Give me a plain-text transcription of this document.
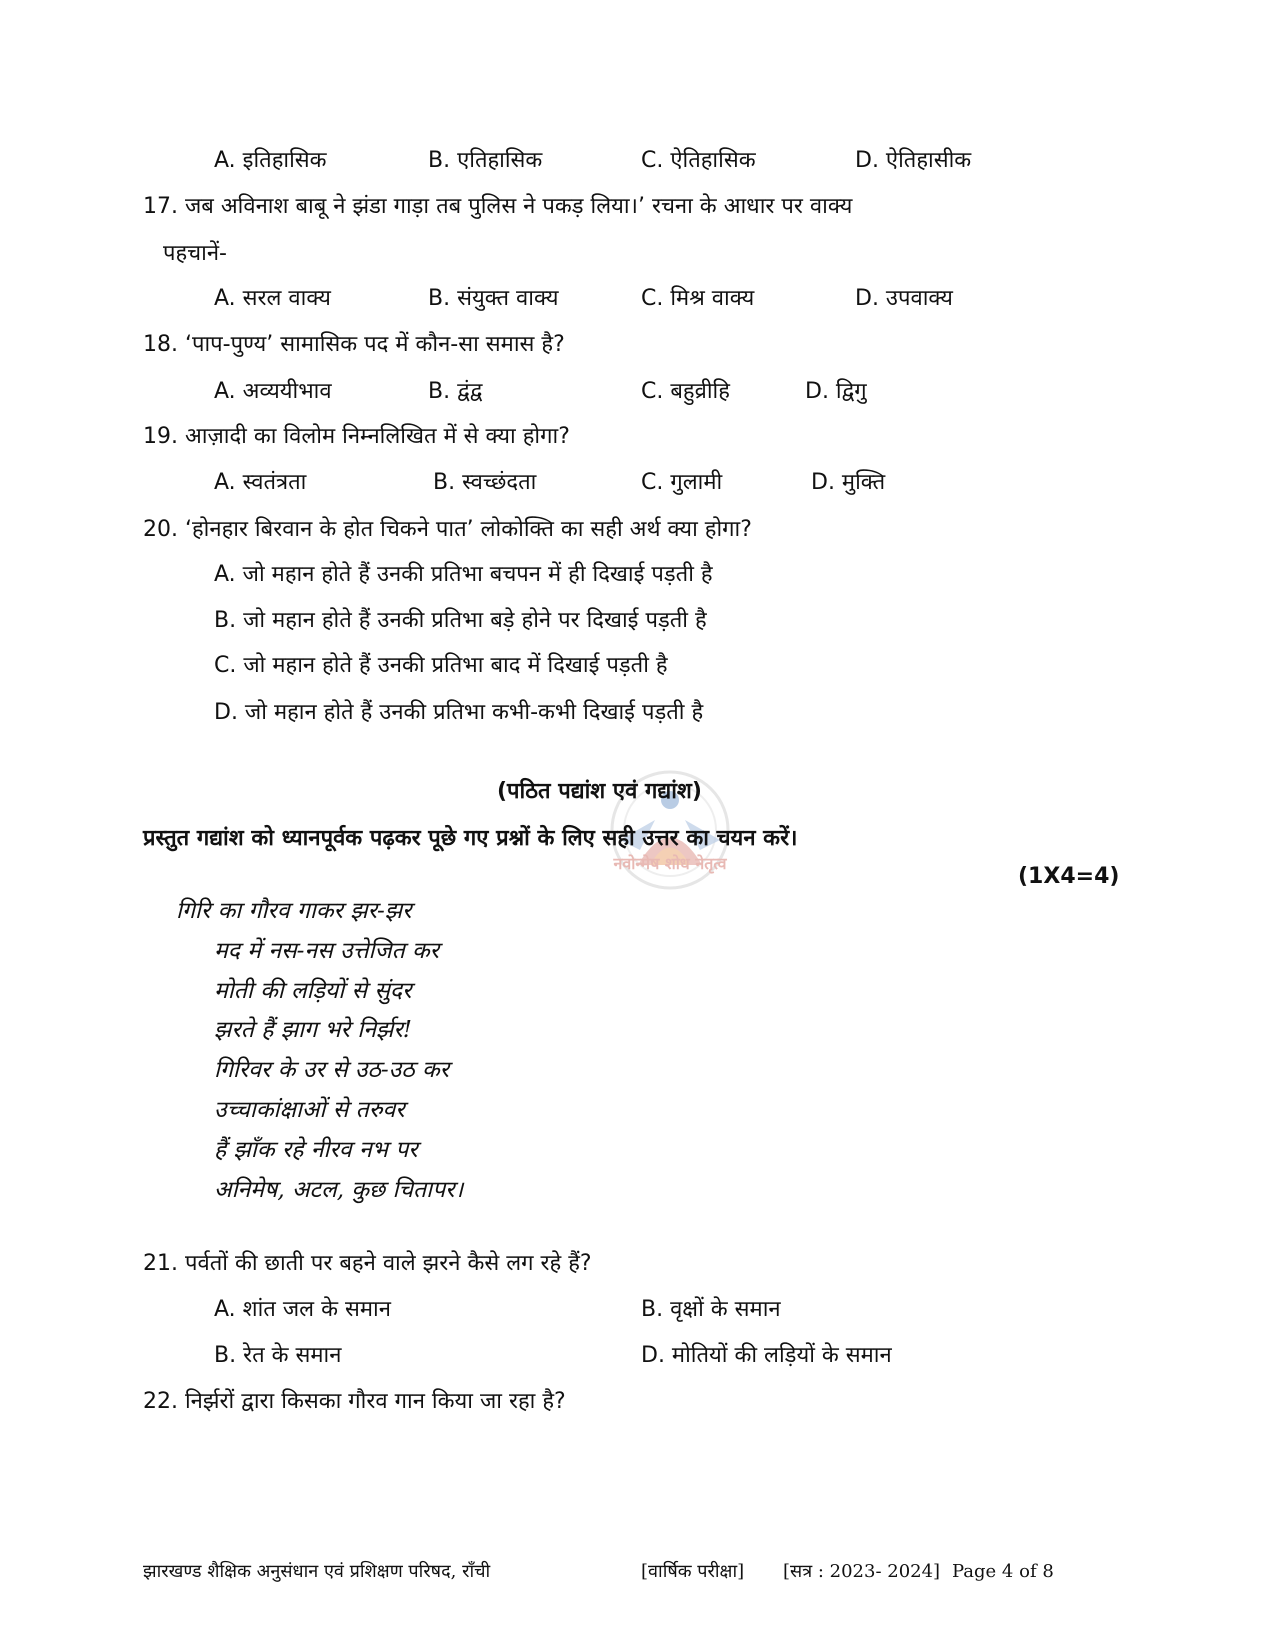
A. इतिहासिक	B. एतिहासिक	C. ऐतिहासिक	D. ऐतिहासीक
17. जब अविनाश बाबू ने झंडा गाड़ा तब पुलिस ने पकड़ लिया।’ रचना के आधार पर वाक्य
पहचानें-
A. सरल वाक्य	B. संयुक्त वाक्य	C. मिश्र वाक्य	D. उपवाक्य
18. ‘पाप-पुण्य’ सामासिक पद में कौन-सा समास है?
A. अव्ययीभाव	B. द्वंद्व	C. बहुव्रीहि	D. द्विगु
19. आज़ादी का विलोम निम्नलिखित में से क्या होगा?
A. स्वतंत्रता	B. स्वच्छंदता	C. गुलामी	D. मुक्ति
20. ‘होनहार बिरवान के होत चिकने पात’ लोकोक्ति का सही अर्थ क्या होगा?
A. जो महान होते हैं उनकी प्रतिभा बचपन में ही दिखाई पड़ती है
B. जो महान होते हैं उनकी प्रतिभा बड़े होने पर दिखाई पड़ती है
C. जो महान होते हैं उनकी प्रतिभा बाद में दिखाई पड़ती है
D. जो महान होते हैं उनकी प्रतिभा कभी-कभी दिखाई पड़ती है
नवोन्मेष शोध नेतृत्व
(पठित पद्यांश एवं गद्यांश)
प्रस्तुत गद्यांश को ध्यानपूर्वक पढ़कर पूछे गए प्रश्नों के लिए सही उत्तर का चयन करें।
(1X4=4)
गिरि का गौरव गाकर झर-झर
मद में नस-नस उत्तेजित कर
मोती की लड़ियों से सुंदर
झरते हैं झाग भरे निर्झर!
गिरिवर के उर से उठ-उठ कर
उच्चाकांक्षाओं से तरुवर
हैं झाँक रहे नीरव नभ पर
अनिमेष, अटल, कुछ चितापर।
21. पर्वतों की छाती पर बहने वाले झरने कैसे लग रहे हैं?
A. शांत जल के समान	B. वृक्षों के समान
B. रेत के समान	D. मोतियों की लड़ियों के समान
22. निर्झरों द्वारा किसका गौरव गान किया जा रहा है?
झारखण्ड शैक्षिक अनुसंधान एवं प्रशिक्षण परिषद, राँची	[वार्षिक परीक्षा] [सत्र : 2023- 2024] Page 4 of 8
